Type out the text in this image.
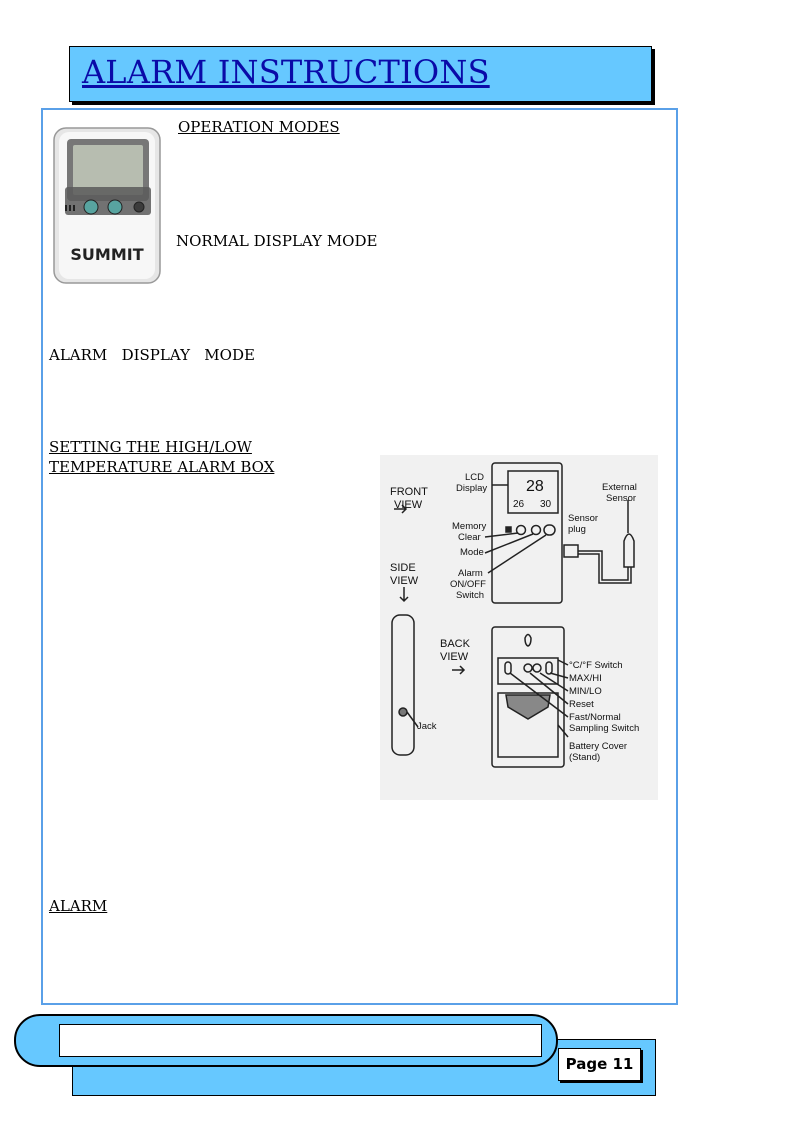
ALARM INSTRUCTIONS
SUMMIT
OPERATION MODES
NORMAL DISPLAY MODE
ALARM   DISPLAY   MODE
SETTING THE HIGH/LOW
TEMPERATURE ALARM BOX
ALARM
28
26 30
FRONT
VIEW
SIDE
VIEW
BACK
VIEW
LCD
Display
Memory
Clear
Mode
Alarm
ON/OFF
Switch
Sensor
plug
External
Sensor
Jack
°C/°F Switch
MAX/HI
MIN/LO
Reset
Fast/Normal
Sampling Switch
Battery Cover
(Stand)
Page 11
